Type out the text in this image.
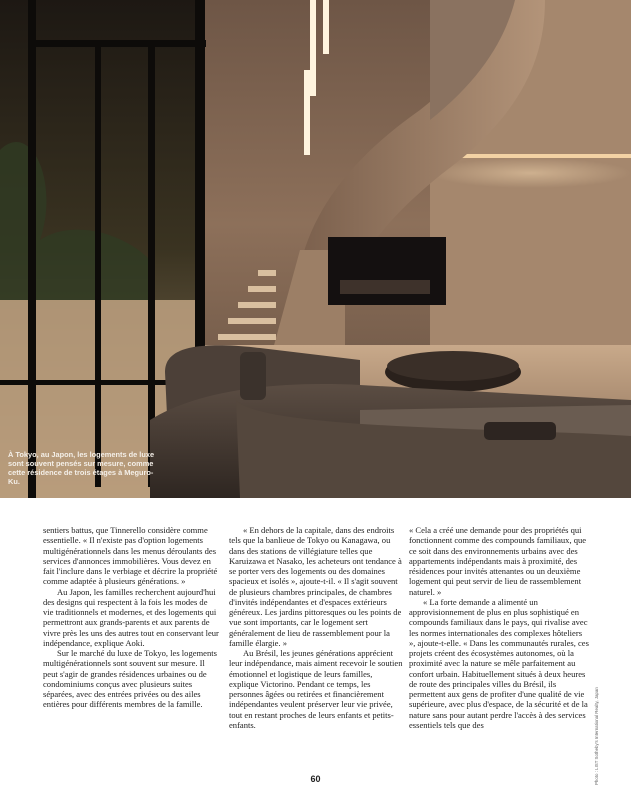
À Tokyo, au Japon, les logements de luxe sont souvent pensés sur mesure, comme cette résidence de trois étages à Meguro-Ku.

sentiers battus, que Tinnerello considère comme essentielle. « Il n'existe pas d'option logements multigénérationnels dans les menus déroulants des services d'annonces immobilières. Vous devez en fait l'inclure dans le verbiage et décrire la propriété comme adaptée à plusieurs générations. »

Au Japon, les familles recherchent aujourd'hui des designs qui respectent à la fois les modes de vie traditionnels et modernes, et des logements qui permettront aux grands-parents et aux parents de vivre près les uns des autres tout en conservant leur indépendance, explique Aoki.

Sur le marché du luxe de Tokyo, les logements multigénérationnels sont souvent sur mesure. Il peut s'agir de grandes résidences urbaines ou de condominiums conçus avec plusieurs suites séparées, avec des entrées privées ou des ailes entières pour différents membres de la famille.

« En dehors de la capitale, dans des endroits tels que la banlieue de Tokyo ou Kanagawa, ou dans des stations de villégiature telles que Karuizawa et Nasako, les acheteurs ont tendance à se porter vers des logements ou des domaines spacieux et isolés », ajoute-t-il. « Il s'agit souvent de plusieurs chambres principales, de chambres d'invités indépendantes et d'espaces extérieurs généreux. Les jardins pittoresques ou les points de vue sont importants, car le logement sert généralement de lieu de rassemblement pour la famille élargie. »

Au Brésil, les jeunes générations apprécient leur indépendance, mais aiment recevoir le soutien émotionnel et logistique de leurs familles, explique Victorino. Pendant ce temps, les personnes âgées ou retirées et financièrement indépendantes veulent préserver leur vie privée, tout en restant proches de leurs enfants et petits-enfants.

« Cela a créé une demande pour des propriétés qui fonctionnent comme des compounds familiaux, que ce soit dans des environnements urbains avec des appartements indépendants mais à proximité, des résidences pour invités attenantes ou un deuxième logement qui peut servir de lieu de rassemblement naturel. »

« La forte demande a alimenté un approvisionnement de plus en plus sophistiqué en compounds familiaux dans le pays, qui rivalise avec les normes internationales des complexes hôteliers », ajoute-t-elle. « Dans les communautés rurales, ces projets créent des écosystèmes autonomes, où la proximité avec la nature se mêle parfaitement au confort urbain. Habituellement situés à deux heures de route des principales villes du Brésil, ils permettent aux gens de profiter d'une qualité de vie supérieure, avec plus d'espace, de la sécurité et de la nature sans pour autant perdre l'accès à des services essentiels tels que des	Photo : LIST Sotheby's International Realty, Japan
60
